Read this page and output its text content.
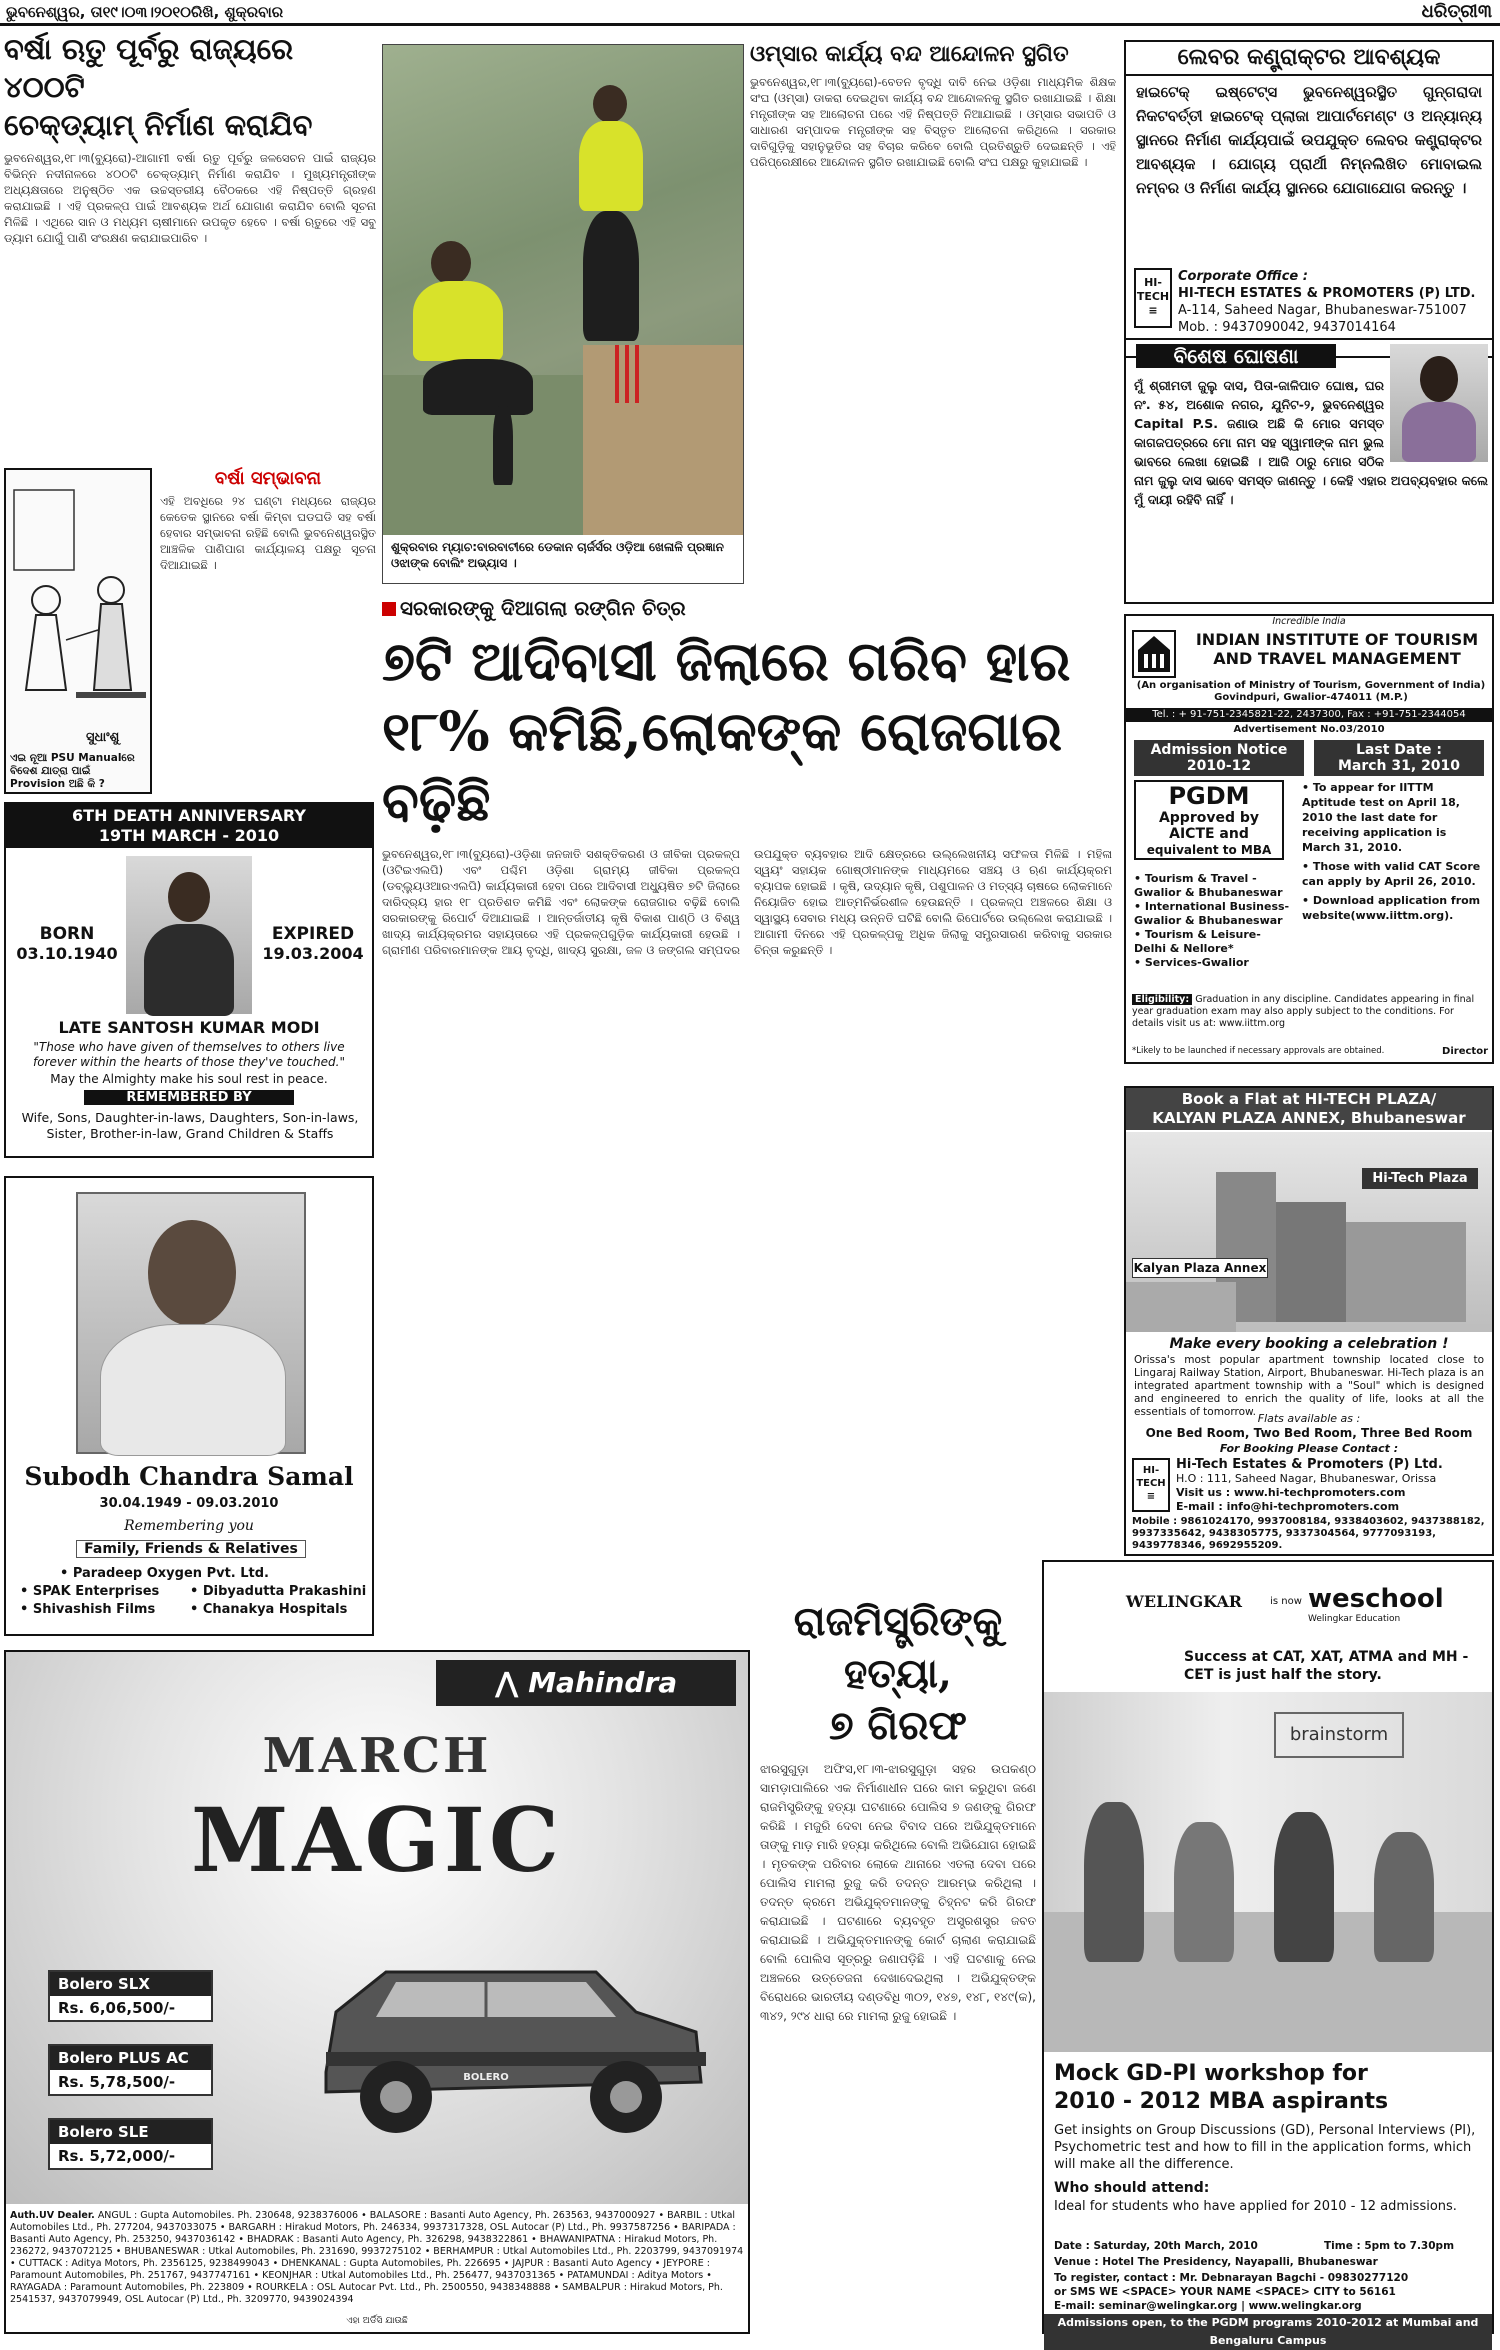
ଭୁବନେଶ୍ୱର, ତା୧୯।୦୩।୨୦୧୦ରିଖି, ଶୁକ୍ରବାର	ଧରିତ୍ରୀ୩
ବର୍ଷା ଋତୁ ପୂର୍ବରୁ ରାଜ୍ୟରେ ୪୦୦ଟି
ଚେକ୍‌ଡ୍ୟାମ୍ ନିର୍ମାଣ କରାଯିବ
ଭୁବନେଶ୍ୱର,୧୮।୩(ବ୍ୟୁରୋ)-ଆଗାମୀ ବର୍ଷା ଋତୁ ପୂର୍ବରୁ ଜଳସେଚନ ପାଇଁ ରାଜ୍ୟର ବିଭିନ୍ନ ନଦୀନାଳରେ ୪୦୦ଟି ଚେକ୍‌ଡ୍ୟାମ୍ ନିର୍ମାଣ କରାଯିବ । ମୁଖ୍ୟମନ୍ତ୍ରୀଙ୍କ ଅଧ୍ୟକ୍ଷତାରେ ଅନୁଷ୍ଠିତ ଏକ ଉଚ୍ଚସ୍ତରୀୟ ବୈଠକରେ ଏହି ନିଷ୍ପତ୍ତି ଗ୍ରହଣ କରାଯାଇଛି । ଏହି ପ୍ରକଳ୍ପ ପାଇଁ ଆବଶ୍ୟକ ଅର୍ଥ ଯୋଗାଣ କରାଯିବ ବୋଲି ସୂଚନା ମିଳିଛି । ଏଥିରେ ସାନ ଓ ମଧ୍ୟମ ଚାଷୀମାନେ ଉପକୃତ ହେବେ । ବର୍ଷା ଋତୁରେ ଏହି ସବୁ ଡ୍ୟାମ ଯୋଗୁଁ ପାଣି ସଂରକ୍ଷଣ କରାଯାଇପାରିବ ।
ସୁଧାଂଶୁ
ଏଇ ନୂଆ PSU Manualରେ ବିଦେଶ ଯାତ୍ରା ପାଇଁ Provision ଅଛି କି ?
ବର୍ଷା ସମ୍ଭାବନା
ଏହି ଅବଧିରେ ୨୪ ଘଣ୍ଟା ମଧ୍ୟରେ ରାଜ୍ୟର କେତେକ ସ୍ଥାନରେ ବର୍ଷା କିମ୍ବା ଘଡଘଡି ସହ ବର୍ଷା ହେବାର ସମ୍ଭାବନା ରହିଛି ବୋଲି ଭୁବନେଶ୍ୱରସ୍ଥିତ ଆଞ୍ଚଳିକ ପାଣିପାଗ କାର୍ଯ୍ୟାଳୟ ପକ୍ଷରୁ ସୂଚନା ଦିଆଯାଇଛି ।
6TH DEATH ANNIVERSARY
19TH MARCH - 2010
BORN
03.10.1940
EXPIRED
19.03.2004
LATE SANTOSH KUMAR MODI
"Those who have given of themselves to others live forever within the hearts of those they've touched."
May the Almighty make his soul rest in peace.
REMEMBERED BY
Wife, Sons, Daughter-in-laws, Daughters, Son-in-laws, Sister, Brother-in-law, Grand Children & Staffs
Subodh Chandra Samal
30.04.1949 - 09.03.2010
Remembering you
Family, Friends & Relatives
• Paradeep Oxygen Pvt. Ltd.
• SPAK Enterprises	• Dibyadutta Prakashini
• Shivashish Films	• Chanakya Hospitals
ଶୁକ୍ରବାର ମ୍ୟାଚ:ବାରବାଟୀରେ ଡେକାନ ଚାର୍ଜର୍ସର ଓଡ଼ିଆ ଖେଳାଳି ପ୍ରଜ୍ଞାନ ଓଝାଙ୍କ ବୋଲିଂ ଅଭ୍ୟାସ ।
ଓମ୍‌ସାର କାର୍ଯ୍ୟ ବନ୍ଦ ଆନ୍ଦୋଳନ ସ୍ଥଗିତ
ଭୁବନେଶ୍ୱର,୧୮।୩(ବ୍ୟୁରୋ)-ବେତନ ବୃଦ୍ଧି ଦାବି ନେଇ ଓଡ଼ିଶା ମାଧ୍ୟମିକ ଶିକ୍ଷକ ସଂଘ (ଓମ୍‌ସା) ଡାକରା ଦେଇଥିବା କାର୍ଯ୍ୟ ବନ୍ଦ ଆନ୍ଦୋଳନକୁ ସ୍ଥଗିତ ରଖାଯାଇଛି । ଶିକ୍ଷା ମନ୍ତ୍ରୀଙ୍କ ସହ ଆଲୋଚନା ପରେ ଏହି ନିଷ୍ପତ୍ତି ନିଆଯାଇଛି । ଓମ୍‌ସାର ସଭାପତି ଓ ସାଧାରଣ ସମ୍ପାଦକ ମନ୍ତ୍ରୀଙ୍କ ସହ ବିସ୍ତୃତ ଆଲୋଚନା କରିଥିଲେ । ସରକାର ଦାବିଗୁଡ଼ିକୁ ସହାନୁଭୂତିର ସହ ବିଚାର କରିବେ ବୋଲି ପ୍ରତିଶ୍ରୁତି ଦେଇଛନ୍ତି । ଏହି ପରିପ୍ରେକ୍ଷୀରେ ଆନ୍ଦୋଳନ ସ୍ଥଗିତ ରଖାଯାଇଛି ବୋଲି ସଂଘ ପକ୍ଷରୁ କୁହାଯାଇଛି ।
ସରକାରଙ୍କୁ ଦିଆଗଲା ରଙ୍ଗିନ ଚିତ୍ର
୭ଟି ଆଦିବାସୀ ଜିଲାରେ ଗରିବ ହାର
୧୮% କମିଛି,ଲୋକଙ୍କ ରୋଜଗାର ବଢ଼ିଛି
ଭୁବନେଶ୍ୱର,୧୮।୩(ବ୍ୟୁରୋ)-ଓଡ଼ିଶା ଜନଜାତି ସଶକ୍ତିକରଣ ଓ ଜୀବିକା ପ୍ରକଳ୍ପ (ଓଟିଇଏଲପି) ଏବଂ ପଶ୍ଚିମ ଓଡ଼ିଶା ଗ୍ରାମ୍ୟ ଜୀବିକା ପ୍ରକଳ୍ପ (ଡବ୍ଲ୍ୟୁଓଆରଏଲପି) କାର୍ଯ୍ୟକାରୀ ହେବା ପରେ ଆଦିବାସୀ ଅଧ୍ୟୁଷିତ ୭ଟି ଜିଲାରେ ଦାରିଦ୍ର୍ୟ ହାର ୧୮ ପ୍ରତିଶତ କମିଛି ଏବଂ ଲୋକଙ୍କ ରୋଜଗାର ବଢ଼ିଛି ବୋଲି ସରକାରଙ୍କୁ ରିପୋର୍ଟ ଦିଆଯାଇଛି । ଆନ୍ତର୍ଜାତୀୟ କୃଷି ବିକାଶ ପାଣ୍ଠି ଓ ବିଶ୍ୱ ଖାଦ୍ୟ କାର୍ଯ୍ୟକ୍ରମର ସହାୟତାରେ ଏହି ପ୍ରକଳ୍ପଗୁଡ଼ିକ କାର୍ଯ୍ୟକାରୀ ହେଉଛି । ଗ୍ରାମୀଣ ପରିବାରମାନଙ୍କ ଆୟ ବୃଦ୍ଧି, ଖାଦ୍ୟ ସୁରକ୍ଷା, ଜଳ ଓ ଜଙ୍ଗଲ ସମ୍ପଦର ଉପଯୁକ୍ତ ବ୍ୟବହାର ଆଦି କ୍ଷେତ୍ରରେ ଉଲ୍ଲେଖନୀୟ ସଫଳତା ମିଳିଛି । ମହିଳା ସ୍ୱୟଂ ସହାୟକ ଗୋଷ୍ଠୀମାନଙ୍କ ମାଧ୍ୟମରେ ସଞ୍ଚୟ ଓ ଋଣ କାର୍ଯ୍ୟକ୍ରମ ବ୍ୟାପକ ହୋଇଛି । କୃଷି, ଉଦ୍ୟାନ କୃଷି, ପଶୁପାଳନ ଓ ମତ୍ସ୍ୟ ଚାଷରେ ଲୋକମାନେ ନିୟୋଜିତ ହୋଇ ଆତ୍ମନିର୍ଭରଶୀଳ ହେଉଛନ୍ତି । ପ୍ରକଳ୍ପ ଅଞ୍ଚଳରେ ଶିକ୍ଷା ଓ ସ୍ୱାସ୍ଥ୍ୟ ସେବାର ମଧ୍ୟ ଉନ୍ନତି ଘଟିଛି ବୋଲି ରିପୋର୍ଟରେ ଉଲ୍ଲେଖ କରାଯାଇଛି । ଆଗାମୀ ଦିନରେ ଏହି ପ୍ରକଳ୍ପକୁ ଅଧିକ ଜିଲାକୁ ସମ୍ପ୍ରସାରଣ କରିବାକୁ ସରକାର ଚିନ୍ତା କରୁଛନ୍ତି ।
ଲେବର କଣ୍ଟ୍ରାକ୍ଟର ଆବଶ୍ୟକ
ହାଇଟେକ୍ ଇଷ୍ଟେଟ୍‌ସ ଭୁବନେଶ୍ୱରସ୍ଥିତ ଗୁନ୍‌ଗରାଦା ନିକଟବର୍ତ୍ତୀ ହାଇଟେକ୍ ପ୍ଲାଜା ଆପାର୍ଟମେଣ୍ଟ ଓ ଅନ୍ୟାନ୍ୟ ସ୍ଥାନରେ ନିର୍ମାଣ କାର୍ଯ୍ୟପାଇଁ ଉପଯୁକ୍ତ ଲେବର କଣ୍ଟ୍ରାକ୍ଟର ଆବଶ୍ୟକ । ଯୋଗ୍ୟ ପ୍ରାର୍ଥୀ ନିମ୍ନଲିଖିତ ମୋବାଇଲ ନମ୍ବର ଓ ନିର୍ମାଣ କାର୍ଯ୍ୟ ସ୍ଥାନରେ ଯୋଗାଯୋଗ କରନ୍ତୁ ।
HI-
TECH
≡
Corporate Office :
HI-TECH ESTATES & PROMOTERS (P) LTD.
A-114, Saheed Nagar, Bhubaneswar-751007
Mob. : 9437090042, 9437014164
ବିଶେଷ ଘୋଷଣା
ମୁଁ ଶ୍ରୀମତୀ ଜୁଲୁ ଦାସ, ପିତା-ଜାଳିପାତ ଘୋଷ, ଘର ନଂ. ୫୪, ଅଶୋକ ନଗର, ଯୁନିଟ-୨, ଭୁବନେଶ୍ୱର Capital P.S. ଜଣାଉ ଅଛି କି ମୋର ସମସ୍ତ କାଗଜପତ୍ରରେ ମୋ ନାମ ସହ ସ୍ୱାମୀଙ୍କ ନାମ ଭୁଲ ଭାବରେ ଲେଖା ହୋଇଛି । ଆଜି ଠାରୁ ମୋର ସଠିକ ନାମ ଜୁଲୁ ଦାସ ଭାବେ ସମସ୍ତ ଜାଣନ୍ତୁ । କେହି ଏହାର ଅପବ୍ୟବହାର କଲେ ମୁଁ ଦାୟୀ ରହିବି ନାହିଁ ।
Incredible India
INDIAN INSTITUTE OF TOURISM
AND TRAVEL MANAGEMENT
(An organisation of Ministry of Tourism, Government of India)
Govindpuri, Gwalior-474011 (M.P.)
Tel. : + 91-751-2345821-22, 2437300, Fax : +91-751-2344054
Advertisement No.03/2010
Admission Notice
2010-12
Last Date :
March 31, 2010
PGDM
Approved by
AICTE and
equivalent to MBA
• Tourism & Travel -Gwalior & Bhubaneswar
• International Business-Gwalior & Bhubaneswar
• Tourism & Leisure- Delhi & Nellore*
• Services-Gwalior
• To appear for IITTM Aptitude test on April 18, 2010 the last date for receiving application is March 31, 2010.
• Those with valid CAT Score can apply by April 26, 2010.
• Download application from website(www.iittm.org).
Eligibility: Graduation in any discipline. Candidates appearing in final year graduation exam may also apply subject to the conditions. For details visit us at: www.iittm.org
*Likely to be launched if necessary approvals are obtained.	Director
Book a Flat at HI-TECH PLAZA/
KALYAN PLAZA ANNEX, Bhubaneswar
Hi-Tech Plaza
Kalyan Plaza Annex
Make every booking a celebration !
Orissa's most popular apartment township located close to Lingaraj Railway Station, Airport, Bhubaneswar. Hi-Tech plaza is an integrated apartment township with a "Soul" which is designed and engineered to enrich the quality of life, looks at all the essentials of tomorrow. Flats available as :
One Bed Room, Two Bed Room, Three Bed Room
For Booking Please Contact :
HI-
TECH
≡
Hi-Tech Estates & Promoters (P) Ltd.
H.O : 111, Saheed Nagar, Bhubaneswar, Orissa
Visit us : www.hi-techpromoters.com
E-mail : info@hi-techpromoters.com
Mobile : 9861024170, 9937008184, 9338403602, 9437388182, 9937335642, 9438305775, 9337304564, 9777093193, 9439778346, 9692955209.
ରାଜମିସ୍ତ୍ରିଙ୍କୁ ହତ୍ୟା,
୭ ଗିରଫ
ଝାରସୁଗୁଡ଼ା ଅଫିସ,୧୮।୩-ଝାରସୁଗୁଡ଼ା ସହର ଉପକଣ୍ଠ ସାମଡ଼ାପାଲିରେ ଏକ ନିର୍ମାଣାଧୀନ ଘରେ କାମ କରୁଥିବା ଜଣେ ରାଜମିସ୍ତ୍ରିଙ୍କୁ ହତ୍ୟା ଘଟଣାରେ ପୋଲିସ ୭ ଜଣଙ୍କୁ ଗିରଫ କରିଛି । ମଜୁରି ଦେବା ନେଇ ବିବାଦ ପରେ ଅଭିଯୁକ୍ତମାନେ ତାଙ୍କୁ ମାଡ଼ ମାରି ହତ୍ୟା କରିଥିଲେ ବୋଲି ଅଭିଯୋଗ ହୋଇଛି । ମୃତକଙ୍କ ପରିବାର ଲୋକେ ଥାନାରେ ଏତଲା ଦେବା ପରେ ପୋଲିସ ମାମଲା ରୁଜୁ କରି ତଦନ୍ତ ଆରମ୍ଭ କରିଥିଲା । ତଦନ୍ତ କ୍ରମେ ଅଭିଯୁକ୍ତମାନଙ୍କୁ ଚିହ୍ନଟ କରି ଗିରଫ କରାଯାଇଛି । ଘଟଣାରେ ବ୍ୟବହୃତ ଅସ୍ତ୍ରଶସ୍ତ୍ର ଜବତ କରାଯାଇଛି । ଅଭିଯୁକ୍ତମାନଙ୍କୁ କୋର୍ଟ ଚାଲାଣ କରାଯାଇଛି ବୋଲି ପୋଲିସ ସୂତ୍ରରୁ ଜଣାପଡ଼ିଛି । ଏହି ଘଟଣାକୁ ନେଇ ଅଞ୍ଚଳରେ ଉତ୍ତେଜନା ଦେଖାଦେଇଥିଲା । ଅଭିଯୁକ୍ତଙ୍କ ବିରୋଧରେ ଭାରତୀୟ ଦଣ୍ଡବିଧି ୩୦୨, ୧୪୭, ୧୪୮, ୧୪୯(କ), ୩୪୨, ୨୯୪ ଧାରା ରେ ମାମଲା ରୁଜୁ ହୋଇଛି ।
⋀ Mahindra
MARCH
MAGIC
BOLERO
Bolero SLX
Rs. 6,06,500/-
Bolero PLUS AC
Rs. 5,78,500/-
Bolero SLE
Rs. 5,72,000/-
Auth.UV Dealer. ANGUL : Gupta Automobiles. Ph. 230648, 9238376006 • BALASORE : Basanti Auto Agency, Ph. 263563, 9437000927 • BARBIL : Utkal Automobiles Ltd., Ph. 277204, 9437033075 • BARGARH : Hirakud Motors, Ph. 246334, 9937317328, OSL Autocar (P) Ltd., Ph. 9937587256 • BARIPADA : Basanti Auto Agency, Ph. 253250, 9437036142 • BHADRAK : Basanti Auto Agency, Ph. 326298, 9438322861 • BHAWANIPATNA : Hirakud Motors, Ph. 236272, 9437072125 • BHUBANESWAR : Utkal Automobiles, Ph. 231690, 9937275102 • BERHAMPUR : Utkal Automobiles Ltd., Ph. 2203799, 9437091974 • CUTTACK : Aditya Motors, Ph. 2356125, 9238499043 • DHENKANAL : Gupta Automobiles, Ph. 226695 • JAJPUR : Basanti Auto Agency • JEYPORE : Paramount Automobiles, Ph. 251767, 9437747161 • KEONJHAR : Utkal Automobiles Ltd., Ph. 256477, 9437031365 • PATAMUNDAI : Aditya Motors • RAYAGADA : Paramount Automobiles, Ph. 223809 • ROURKELA : OSL Autocar Pvt. Ltd., Ph. 2500550, 9438348888 • SAMBALPUR : Hirakud Motors, Ph. 2541537, 9437079949, OSL Autocar (P) Ltd., Ph. 3209770, 9439024394
ଏହା ଅର୍ଡିସି ଯାଉଛି
WELINGKAR	is now weschool
Welingkar Education
Success at CAT, XAT, ATMA and MH - CET is just half the story.
brainstorm
Mock GD-PI workshop for
2010 - 2012 MBA aspirants
Get insights on Group Discussions (GD), Personal Interviews (PI), Psychometric test and how to fill in the application forms, which will make all the difference.
Who should attend:
Ideal for students who have applied for 2010 - 12 admissions.
Date : Saturday, 20th March, 2010	Time : 5pm to 7.30pm
Venue : Hotel The Presidency, Nayapalli, Bhubaneswar
To register, contact : Mr. Debnarayan Bagchi - 09830277120
or SMS WE <SPACE> YOUR NAME <SPACE> CITY to 56161
E-mail: seminar@welingkar.org | www.welingkar.org
Admissions open, to the PGDM programs 2010-2012 at Mumbai and Bengaluru Campus
